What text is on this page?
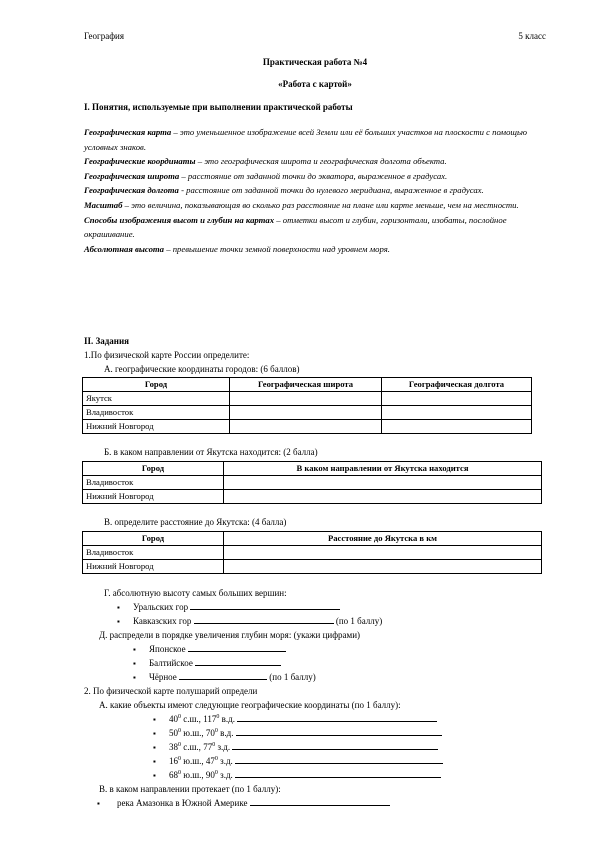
География	5 класс
Практическая работа №4
«Работа с картой»
I. Понятия, используемые при выполнении практической работы

Географическая карта – это уменьшенное изображение всей Земли или её больших участков на плоскости с помощью условных знаков.

Географические координаты – это географическая широта и географическая долгота объекта.

Географическая широта – расстояние от заданной точки до экватора, выраженное в градусах.

Географическая долгота - расстояние от заданной точки до нулевого меридиана, выраженное в градусах.

Масштаб – это величина, показывающая во сколько раз расстояние на плане или карте меньше, чем на местности.

Способы изображения высот и глубин на картах – отметки высот и глубин, горизонтали, изобаты, послойное окрашивание.

Абсолютная высота – превышение точки земной поверхности над уровнем моря.

II. Задания
1.По физической карте России определите:
А. географические координаты городов: (6 баллов)
Город	Географическая широта	Географическая долгота
Якутск		
Владивосток		
Нижний Новгород		
Б. в каком направлении от Якутска находится: (2 балла)
Город	В каком направлении от Якутска находится
Владивосток	
Нижний Новгород	
В. определите расстояние до Якутска: (4 балла)
Город	Расстояние до Якутска в км
Владивосток	
Нижний Новгород	
Г. абсолютную высоту самых больших вершин:
▪ Уральских гор
▪ Кавказских гор	(по 1 баллу)
Д. распредели в порядке увеличения глубин моря: (укажи цифрами)
▪ Японское
▪ Балтийское
▪ Чёрное	(по 1 баллу)
2. По физической карте полушарий определи
А. какие объекты имеют следующие географические координаты (по 1 баллу):
▪ $40^0$ с.ш., $117^0$ в.д.
▪ $50^0$ ю.ш., $70^0$ в.д.
▪ $38^0$ с.ш., $77^0$ з.д.
▪ $16^0$ ю.ш., $47^0$ з.д.
▪ $68^0$ ю.ш., $90^0$ з.д.
В. в каком направлении протекает (по 1 баллу):
▪ река Амазонка в Южной Америке
